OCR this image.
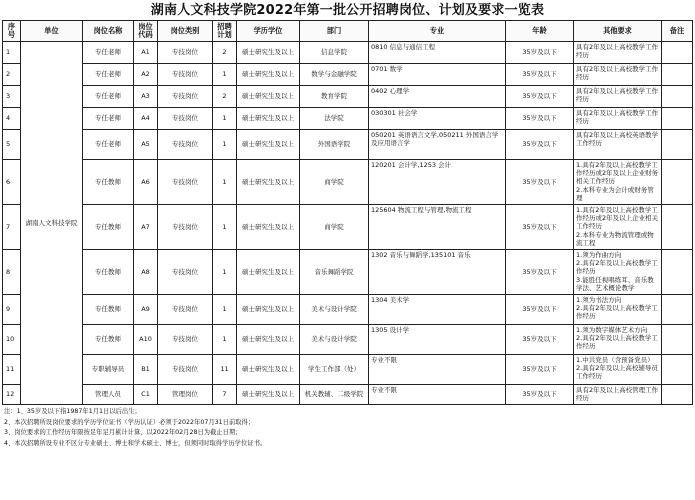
湖南人文科技学院2022年第一批公开招聘岗位、计划及要求一览表
序号	单位	岗位名称	岗位代码	岗位类别	招聘计划	学历学位	部门	专业	年龄	其他要求	备注
1	湖南人文科技学院	专任老师	A1	专技岗位	2	硕士研究生及以上	信息学院	0810 信息与通信工程	35岁及以下	具有2年及以上高校教学工作经历	
2		专任老师	A2	专技岗位	1	硕士研究生及以上	数学与金融学院	0701 数学	35岁及以下	具有2年及以上高校教学工作经历	
3		专任老师	A3	专技岗位	2	硕士研究生及以上	教育学院	0402 心理学	35岁及以下	具有2年及以上高校教学工作经历	
4		专任老师	A4	专技岗位	1	硕士研究生及以上	法学院	030301 社会学	35岁及以下	具有2年及以上高校教学工作经历	
5		专任老师	A5	专技岗位	1	硕士研究生及以上	外国语学院	050201 英语语言文学,050211 外国语言学及应用语言学	35岁及以下	具有2年及以上高校英语教学工作经历	
6		专任教师	A6	专技岗位	1	硕士研究生及以上	商学院	120201 会计学,1253 会计	35岁及以下	1.具有2年及以上高校教学工作经历或2年及以上企业财务相关工作经历
2.本科专业为会计或财务管理	
7		专任教师	A7	专技岗位	1	硕士研究生及以上	商学院	125604 物流工程与管理,物流工程	35岁及以下	1.具有2年及以上高校教学工作经历或2年及以上企业相关工作经历
2.本科专业为物流管理或物流工程	
8		专任教师	A8	专技岗位	1	硕士研究生及以上	音乐舞蹈学院	1302 音乐与舞蹈学,135101 音乐	35岁及以下	1.须为作曲方向
2.具有2年及以上高校教学工作经历
3.能胜任视唱练耳、音乐教学法、艺术概论教学	
9		专任教师	A9	专技岗位	1	硕士研究生及以上	美术与设计学院	1304 美术学	35岁及以下	1.须为书法方向
2.具有2年及以上高校教学工作经历	
10		专任教师	A10	专技岗位	1	硕士研究生及以上	美术与设计学院	1305 设计学	35岁及以下	1.须为数字媒体艺术方向
2.具有2年及以上高校教学工作经历	
11		专职辅导员	B1	专技岗位	11	硕士研究生及以上	学生工作部（处）	专业不限	35岁及以下	1.中共党员（含预备党员）
2.具有2年及以上高校辅导员工作经历	
12		管理人员	C1	管理岗位	7	硕士研究生及以上	机关教辅、二级学院	专业不限	35岁及以下	具有2年及以上高校管理工作经历	
注：1、35岁及以下指1987年1月1日以后出生；
2、本次招聘所设岗位要求的学历学位证书（学历认证）必须于2022年07月31日前取得；
3、岗位要求的工作经历年限按足年足月累计计算，以2022年02月28日为截止日期；
4、本次招聘所设专业不区分专业硕士、博士和学术硕士、博士，但须同时取得学历学位证书。
